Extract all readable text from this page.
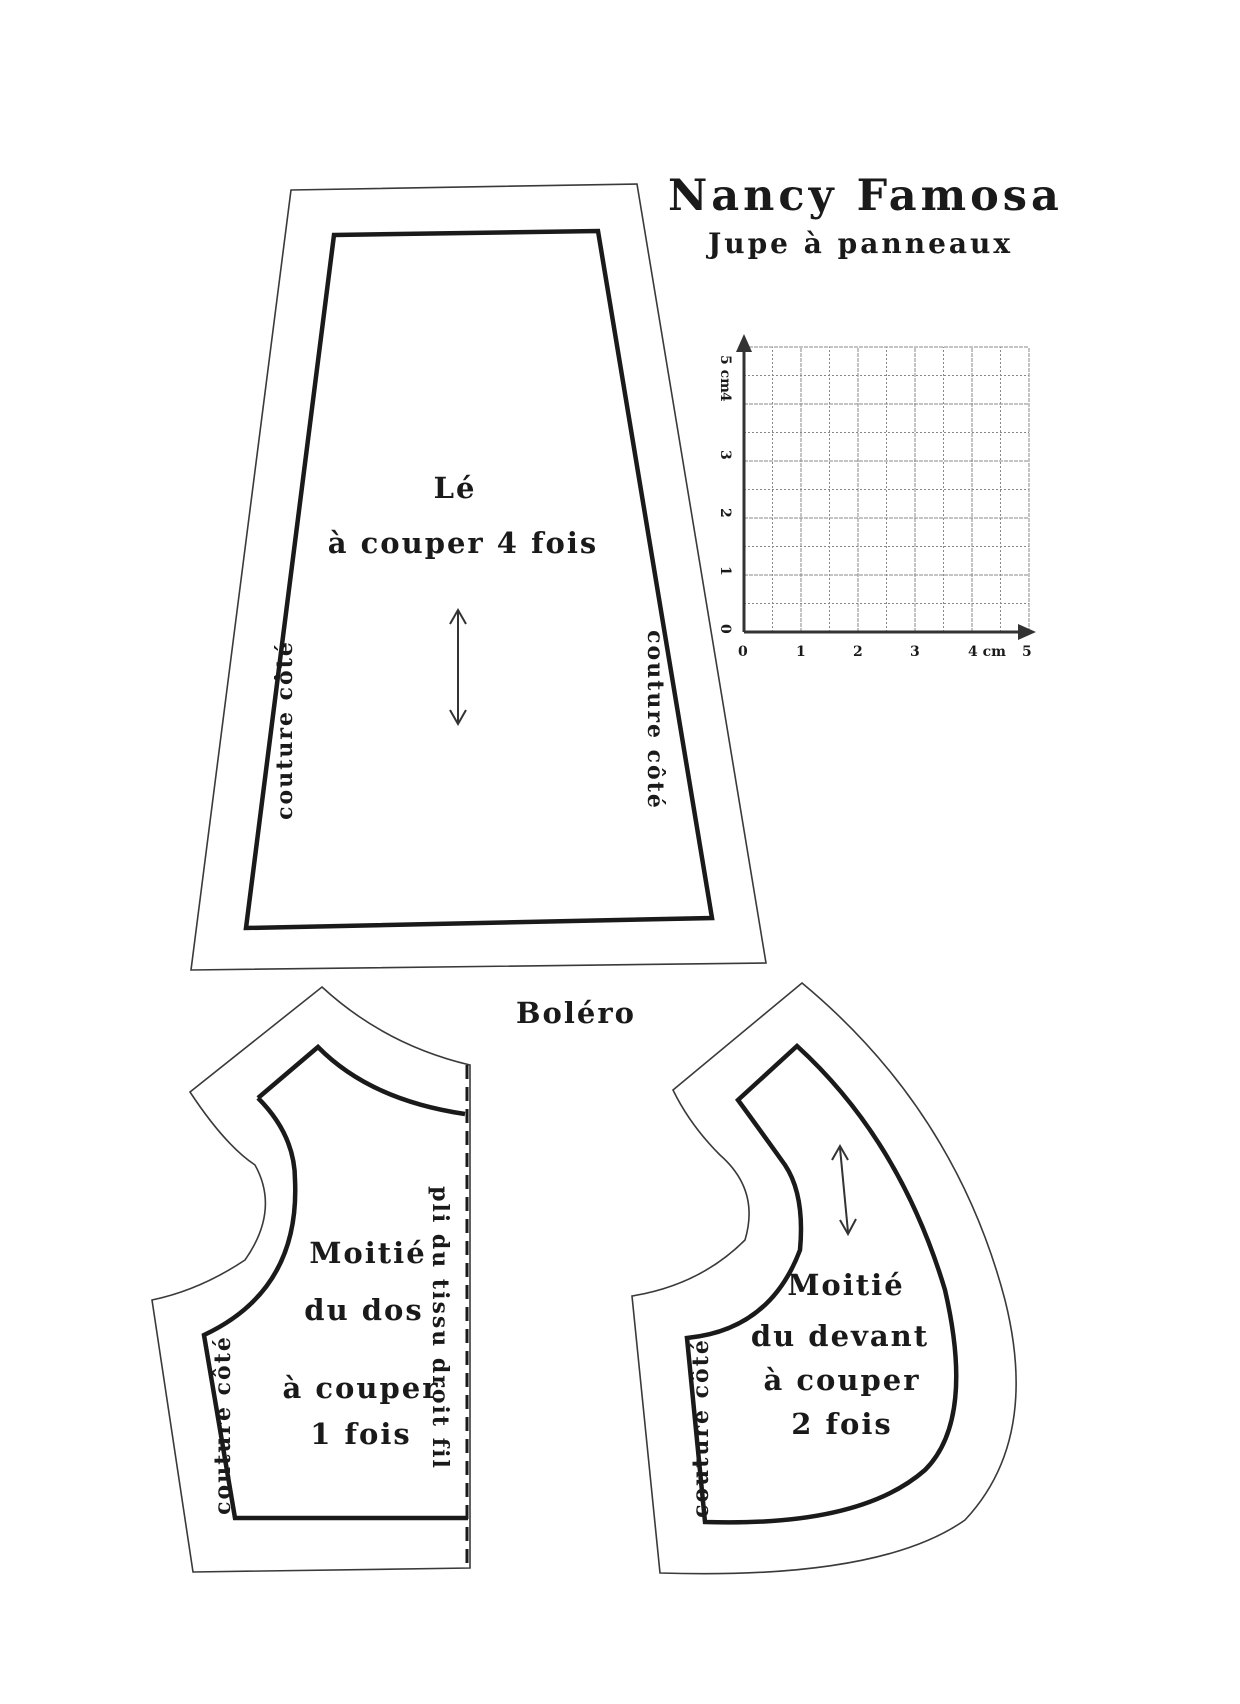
Nancy Famosa
Jupe à panneaux
Lé
à couper 4 fois
couture côté	couture côté
5 cm
4
3
2
1
0
0	1	2	3	4 cm 5
Boléro
Moitié
du dos
à couper
1 fois
couture côté	pli du tissu droit fil	Moitié
du devant
à couper
2 fois
couture côté
